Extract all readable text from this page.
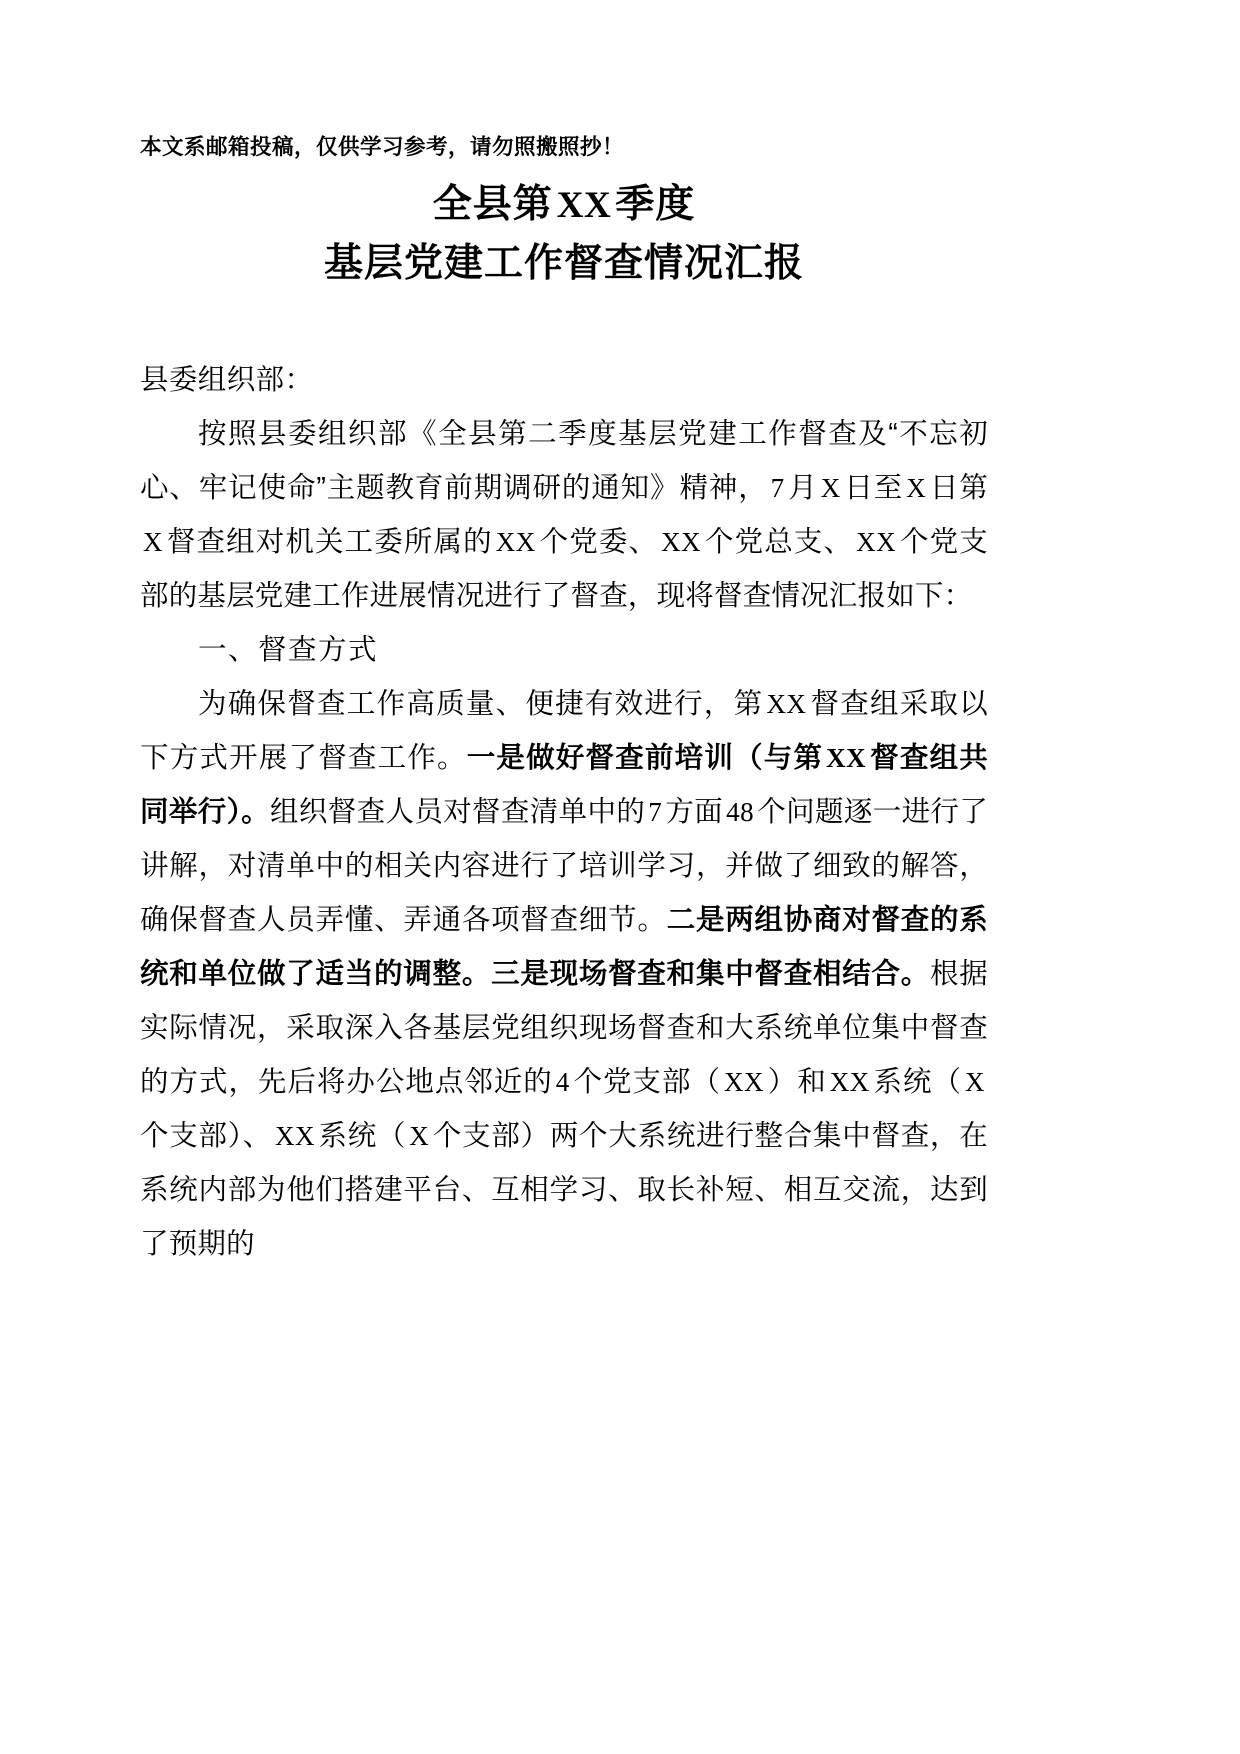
本文系邮箱投稿，仅供学习参考，请勿照搬照抄！
全县第 XX 季度
基层党建工作督查情况汇报
县委组织部：

按照县委组织部《全县第二季度基层党建工作督查及“不忘初心、牢记使命”主题教育前期调研的通知》精神， 7 月 X 日至 X 日第X 督查组对机关工委所属的 XX 个党委、 XX 个党总支、 XX 个党支部的基层党建工作进展情况进行了督查，现将督查情况汇报如下：

一、督查方式

为确保督查工作高质量、便捷有效进行，第 XX 督查组采取以下方式开展了督查工作。一是做好督查前培训（与第 XX 督查组共同举行）。组织督查人员对督查清单中的 7 方面 48 个问题逐一进行了讲解，对清单中的相关内容进行了培训学习，并做了细致的解答，确保督查人员弄懂、弄通各项督查细节。二是两组协商对督查的系统和单位做了适当的调整。三是现场督查和集中督查相结合。根据实际情况，采取深入各基层党组织现场督查和大系统单位集中督查的方式，先后将办公地点邻近的 4 个党支部（ XX ）和 XX 系统（ X个支部）、 XX 系统（ X 个支部）两个大系统进行整合集中督查，在系统内部为他们搭建平台、互相学习、取长补短、相互交流，达到了预期的
